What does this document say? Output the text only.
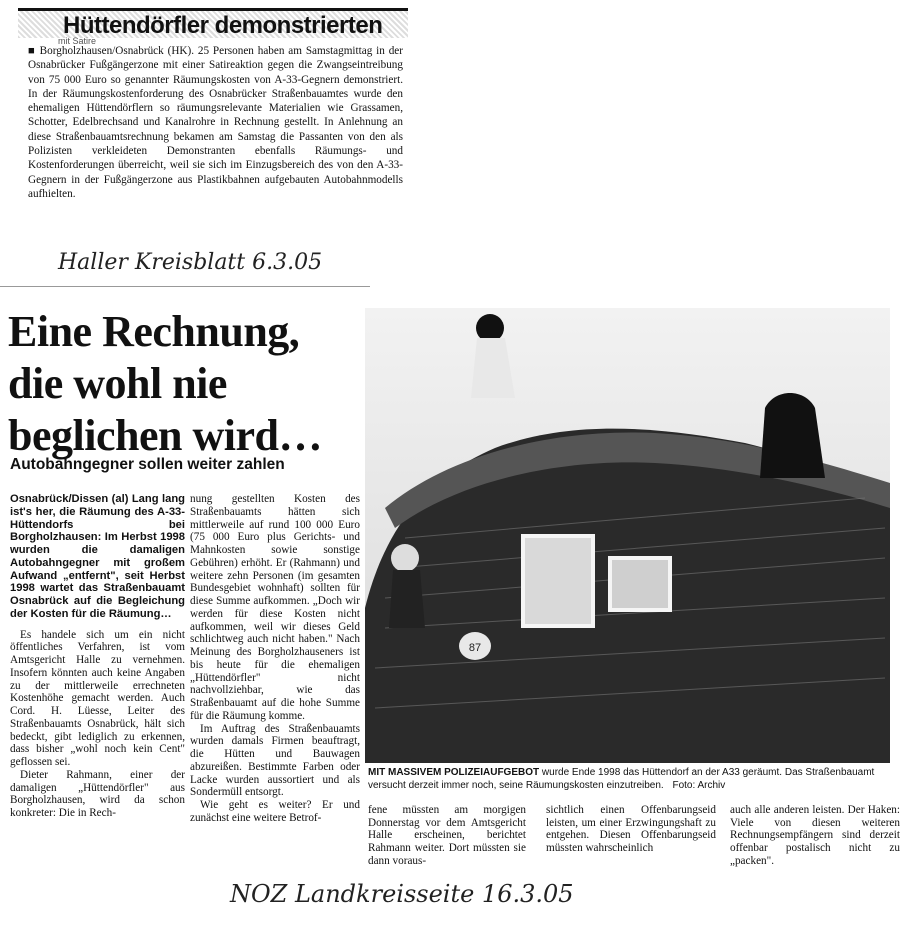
Hüttendörfler demonstrierten
mit Satire
■ Borgholzhausen/Osnabrück (HK). 25 Personen haben am Samstagmittag in der Osnabrücker Fußgängerzone mit einer Satireaktion gegen die Zwangseintreibung von 75 000 Euro so genannter Räumungskosten von A-33-Gegnern demonstriert. In der Räumungskostenforderung des Osnabrücker Straßenbauamtes wurde den ehemaligen Hüttendörflern so räumungsrelevante Materialien wie Grassamen, Schotter, Edelbrechsand und Kanalrohre in Rechnung gestellt. In Anlehnung an diese Straßenbauamtsrechnung bekamen am Samstag die Passanten von den als Polizisten verkleideten Demonstranten ebenfalls Räumungs- und Kostenforderungen überreicht, weil sie sich im Einzugsbereich des von den A-33-Gegnern in der Fußgängerzone aus Plastikbahnen aufgebauten Autobahnmodells aufhielten.
Haller Kreisblatt 6.3.05
Eine Rechnung,
die wohl nie
beglichen wird…
Autobahngegner sollen weiter zahlen

Osnabrück/Dissen (al) Lang lang ist's her, die Räumung des A-33-Hüttendorfs bei Borgholzhausen: Im Herbst 1998 wurden die damaligen Autobahngegner mit großem Aufwand „entfernt", seit Herbst 1998 wartet das Straßenbauamt Osnabrück auf die Begleichung der Kosten für die Räumung…

Es handele sich um ein nicht öffentliches Verfahren, ist vom Amtsgericht Halle zu vernehmen. Insofern könnten auch keine Angaben zu der mittlerweile errechneten Kostenhöhe gemacht werden. Auch Cord. H. Lüesse, Leiter des Straßenbauamts Osnabrück, hält sich bedeckt, gibt lediglich zu erkennen, dass bisher „wohl noch kein Cent" geflossen sei.

Dieter Rahmann, einer der damaligen „Hüttendörfler" aus Borgholzhausen, wird da schon konkreter: Die in Rech-

nung gestellten Kosten des Straßenbauamts hätten sich mittlerweile auf rund 100 000 Euro (75 000 Euro plus Gerichts- und Mahnkosten sowie sonstige Gebühren) erhöht. Er (Rahmann) und weitere zehn Personen (im gesamten Bundesgebiet wohnhaft) sollten für diese Summe aufkommen. „Doch wir werden für diese Kosten nicht aufkommen, weil wir dieses Geld schlichtweg auch nicht haben." Nach Meinung des Borgholzhauseners ist bis heute für die ehemaligen „Hüttendörfler" nicht nachvollziehbar, wie das Straßenbauamt auf die hohe Summe für die Räumung komme.

Im Auftrag des Straßenbauamts wurden damals Firmen beauftragt, die Hütten und Bauwagen abzureißen. Bestimmte Farben oder Lacke wurden aussortiert und als Sondermüll entsorgt.

Wie geht es weiter? Er und zunächst eine weitere Betrof-

87
MIT MASSIVEM POLIZEIAUFGEBOT wurde Ende 1998 das Hüttendorf an der A33 geräumt. Das Straßenbauamt versucht derzeit immer noch, seine Räumungskosten einzutreiben. Foto: Archiv

fene müssten am morgigen Donnerstag vor dem Amtsgericht Halle erscheinen, berichtet Rahmann weiter. Dort müssten sie dann voraus-

sichtlich einen Offenbarungseid leisten, um einer Erzwingungshaft zu entgehen. Diesen Offenbarungseid müssten wahrscheinlich

auch alle anderen leisten. Der Haken: Viele von diesen weiteren Rechnungsempfängern sind derzeit offenbar postalisch nicht zu „packen".

NOZ Landkreisseite 16.3.05
